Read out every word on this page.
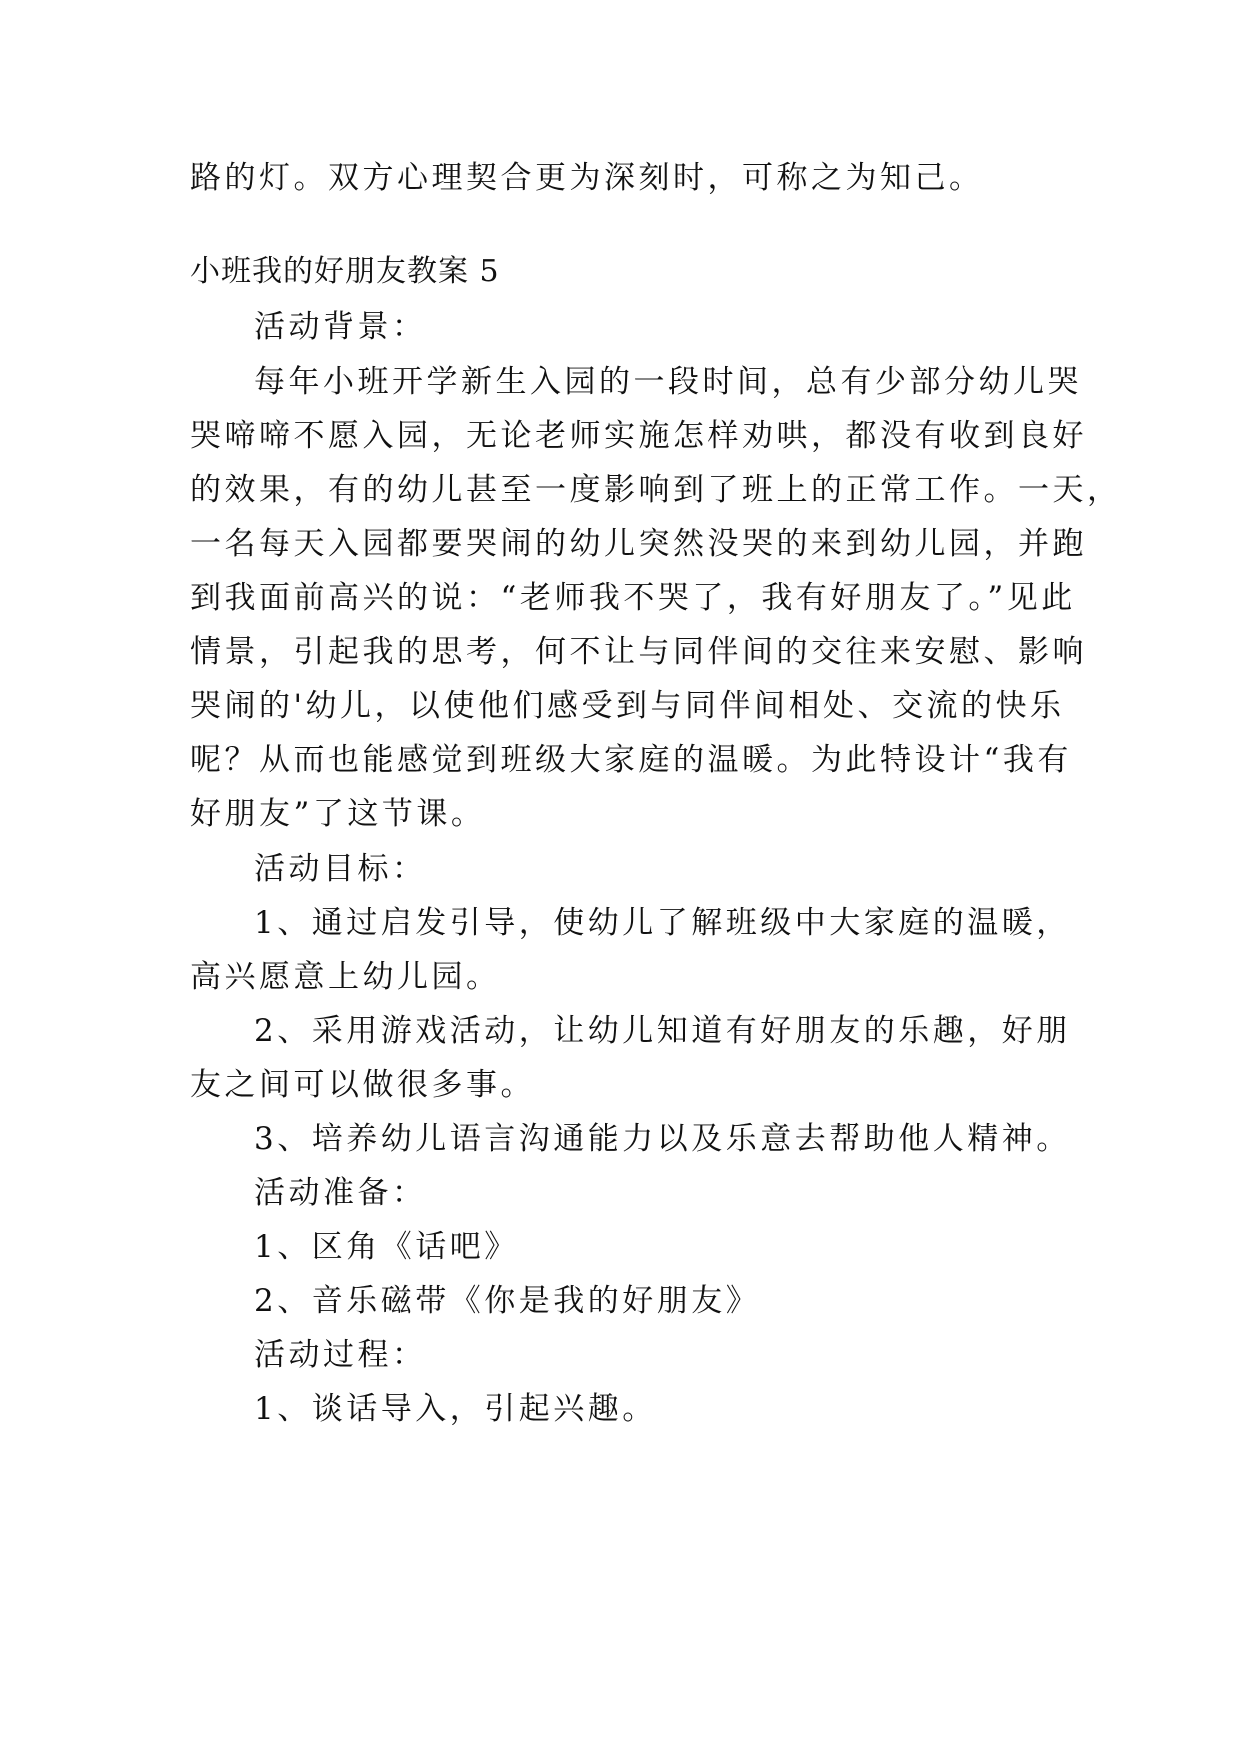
路的灯。双方心理契合更为深刻时，可称之为知己。
小班我的好朋友教案 5
活动背景：
每年小班开学新生入园的一段时间，总有少部分幼儿哭
哭啼啼不愿入园，无论老师实施怎样劝哄，都没有收到良好
的效果，有的幼儿甚至一度影响到了班上的正常工作。一天，
一名每天入园都要哭闹的幼儿突然没哭的来到幼儿园，并跑
到我面前高兴的说：“老师我不哭了，我有好朋友了。”见此
情景，引起我的思考，何不让与同伴间的交往来安慰、影响
哭闹的'幼儿，以使他们感受到与同伴间相处、交流的快乐
呢？从而也能感觉到班级大家庭的温暖。为此特设计“我有
好朋友”了这节课。
活动目标：
1、通过启发引导，使幼儿了解班级中大家庭的温暖，
高兴愿意上幼儿园。
2、采用游戏活动，让幼儿知道有好朋友的乐趣，好朋
友之间可以做很多事。
3、培养幼儿语言沟通能力以及乐意去帮助他人精神。
活动准备：
1、区角《话吧》
2、音乐磁带《你是我的好朋友》
活动过程：
1、谈话导入，引起兴趣。
